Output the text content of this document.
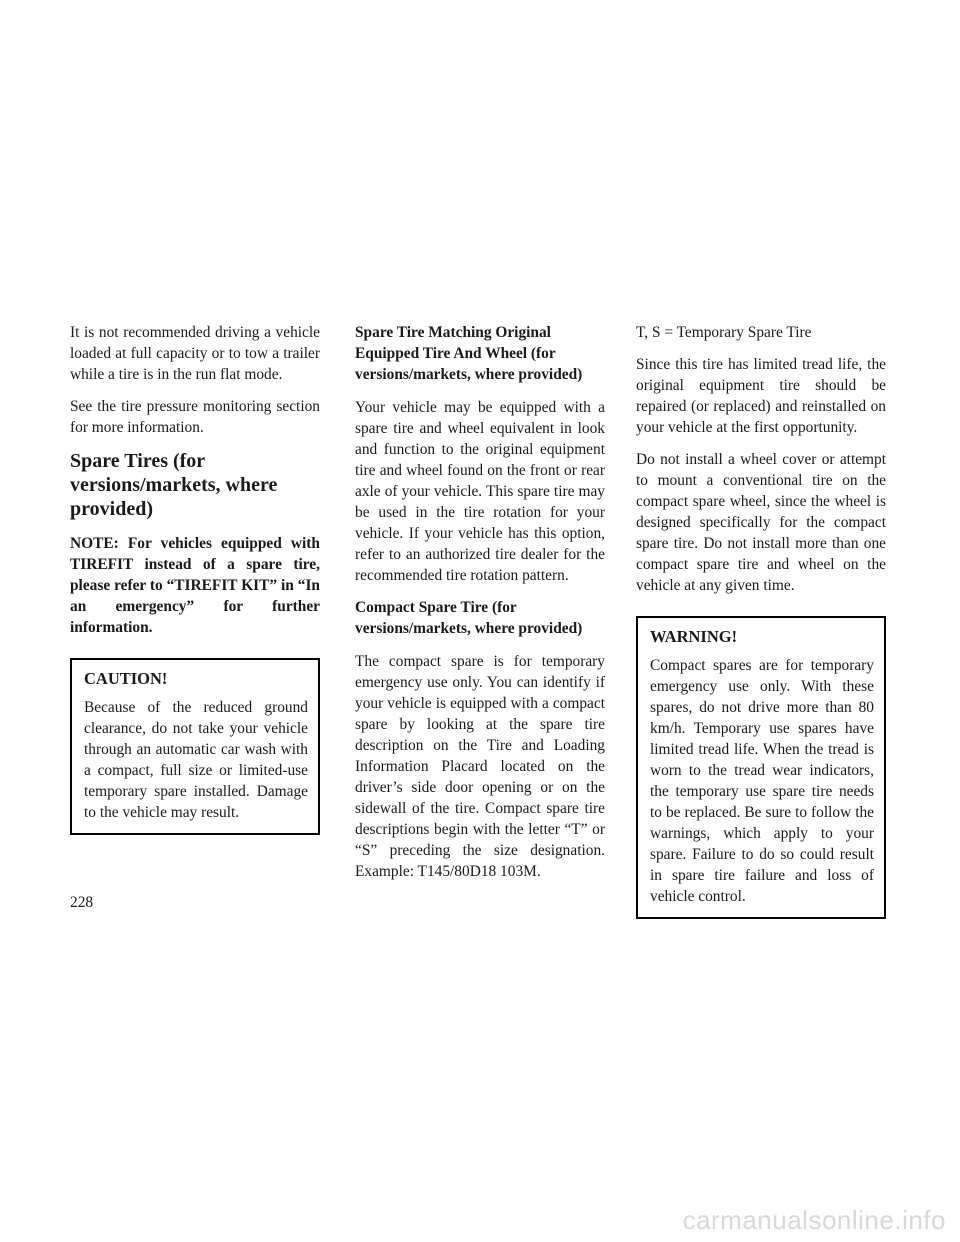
It is not recommended driving a vehicle loaded at full capacity or to tow a trailer while a tire is in the run flat mode.

See the tire pressure monitoring section for more information.

Spare Tires (for versions/markets, where provided)

NOTE: For vehicles equipped with TIREFIT instead of a spare tire, please refer to “TIREFIT KIT” in “In an emergency” for further information.

CAUTION!

Because of the reduced ground clearance, do not take your vehicle through an automatic car wash with a compact, full size or limited-use temporary spare installed. Damage to the vehicle may result.

Spare Tire Matching Original Equipped Tire And Wheel (for versions/markets, where provided)

Your vehicle may be equipped with a spare tire and wheel equivalent in look and function to the original equipment tire and wheel found on the front or rear axle of your vehicle. This spare tire may be used in the tire rotation for your vehicle. If your vehicle has this option, refer to an authorized tire dealer for the recommended tire rotation pattern.

Compact Spare Tire (for versions/markets, where provided)

The compact spare is for temporary emergency use only. You can identify if your vehicle is equipped with a compact spare by looking at the spare tire description on the Tire and Loading Information Placard located on the driver’s side door opening or on the sidewall of the tire. Compact spare tire descriptions begin with the letter “T” or “S” preceding the size designation. Example: T145/80D18 103M.

T, S = Temporary Spare Tire

Since this tire has limited tread life, the original equipment tire should be repaired (or replaced) and reinstalled on your vehicle at the first opportunity.

Do not install a wheel cover or attempt to mount a conventional tire on the compact spare wheel, since the wheel is designed specifically for the compact spare tire. Do not install more than one compact spare tire and wheel on the vehicle at any given time.

WARNING!

Compact spares are for temporary emergency use only. With these spares, do not drive more than 80 km/h. Temporary use spares have limited tread life. When the tread is worn to the tread wear indicators, the temporary use spare tire needs to be replaced. Be sure to follow the warnings, which apply to your spare. Failure to do so could result in spare tire failure and loss of vehicle control.

228
carmanualsonline.info
